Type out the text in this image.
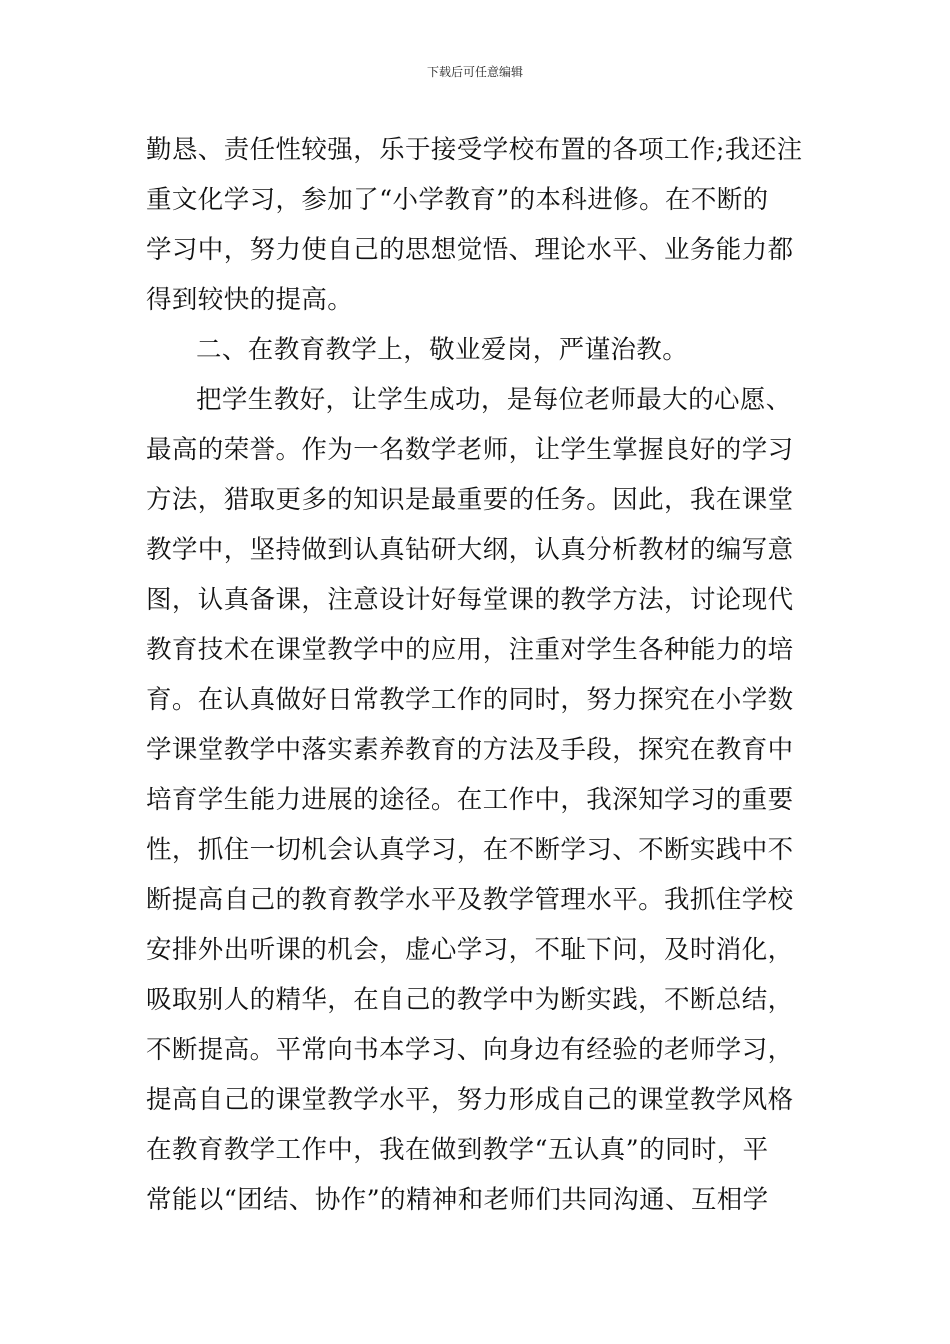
下载后可任意编辑
勤恳、责任性较强，乐于接受学校布置的各项工作;我还注
重文化学习，参加了“小学教育”的本科进修。在不断的
学习中，努力使自己的思想觉悟、理论水平、业务能力都
得到较快的提高。
二、在教育教学上，敬业爱岗，严谨治教。
把学生教好，让学生成功，是每位老师最大的心愿、
最高的荣誉。作为一名数学老师，让学生掌握良好的学习
方法，猎取更多的知识是最重要的任务。因此，我在课堂
教学中，坚持做到认真钻研大纲，认真分析教材的编写意
图，认真备课，注意设计好每堂课的教学方法，讨论现代
教育技术在课堂教学中的应用，注重对学生各种能力的培
育。在认真做好日常教学工作的同时，努力探究在小学数
学课堂教学中落实素养教育的方法及手段，探究在教育中
培育学生能力进展的途径。在工作中，我深知学习的重要
性，抓住一切机会认真学习，在不断学习、不断实践中不
断提高自己的教育教学水平及教学管理水平。我抓住学校
安排外出听课的机会，虚心学习，不耻下问，及时消化，
吸取别人的精华，在自己的教学中为断实践，不断总结，
不断提高。平常向书本学习、向身边有经验的老师学习，
提高自己的课堂教学水平，努力形成自己的课堂教学风格
在教育教学工作中，我在做到教学“五认真”的同时，平
常能以“团结、协作”的精神和老师们共同沟通、互相学
